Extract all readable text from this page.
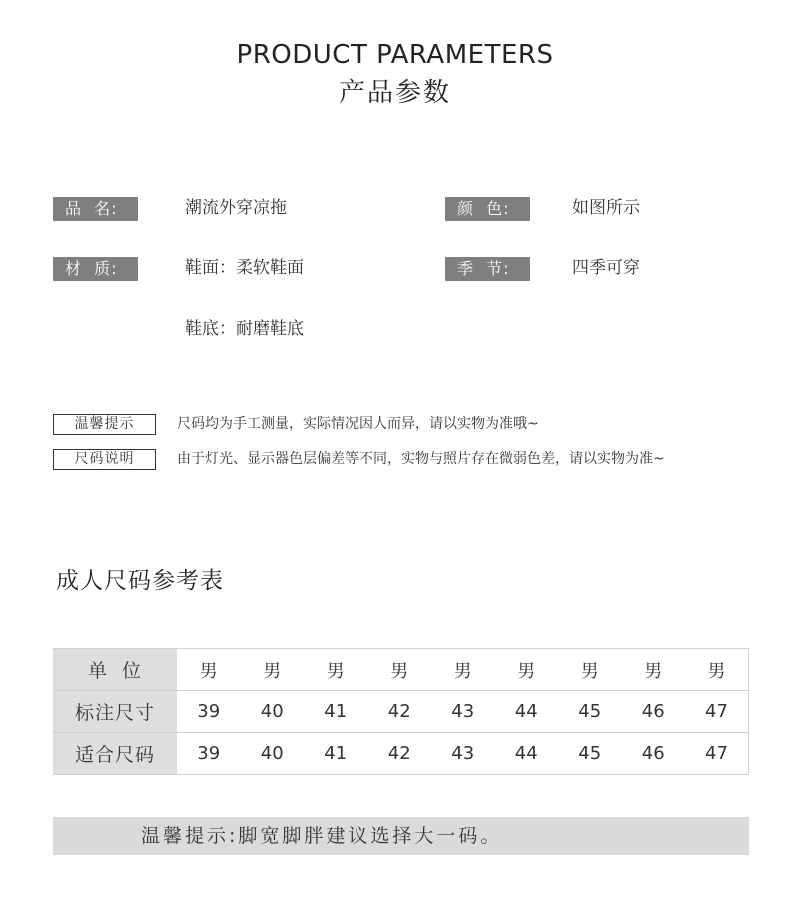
PRODUCT PARAMETERS
产品参数
品  名:	潮流外穿凉拖	颜  色:	如图所示
材  质:	鞋面：柔软鞋面	季  节:	四季可穿
鞋底：耐磨鞋底
温馨提示	尺码均为手工测量，实际情况因人而异，请以实物为准哦~
尺码说明	由于灯光、显示器色层偏差等不同，实物与照片存在微弱色差，请以实物为准~
成人尺码参考表
单  位	男	男	男	男	男	男	男	男	男
标注尺寸	39	40	41	42	43	44	45	46	47
适合尺码	39	40	41	42	43	44	45	46	47
温馨提示:脚宽脚胖建议选择大一码。
